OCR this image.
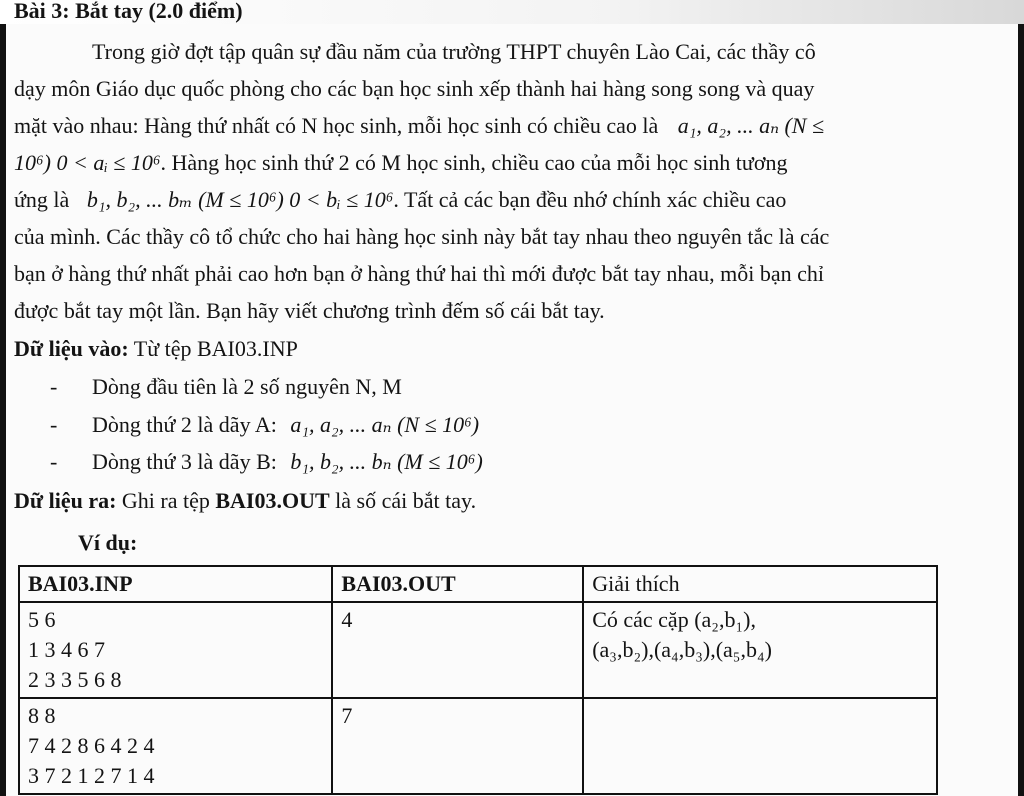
Bài 3: Bắt tay (2.0 điểm)
Trong giờ đợt tập quân sự đầu năm của trường THPT chuyên Lào Cai, các thầy cô
dạy môn Giáo dục quốc phòng cho các bạn học sinh xếp thành hai hàng song song và quay
mặt vào nhau: Hàng thứ nhất có N học sinh, mỗi học sinh có chiều cao là a₁, a₂, ... aₙ (N ≤
10⁶) 0 < aᵢ ≤ 10⁶. Hàng học sinh thứ 2 có M học sinh, chiều cao của mỗi học sinh tương
ứng là b₁, b₂, ... bₘ (M ≤ 10⁶) 0 < bᵢ ≤ 10⁶. Tất cả các bạn đều nhớ chính xác chiều cao
của mình. Các thầy cô tổ chức cho hai hàng học sinh này bắt tay nhau theo nguyên tắc là các
bạn ở hàng thứ nhất phải cao hơn bạn ở hàng thứ hai thì mới được bắt tay nhau, mỗi bạn chỉ
được bắt tay một lần. Bạn hãy viết chương trình đếm số cái bắt tay.
Dữ liệu vào: Từ tệp BAI03.INP
- Dòng đầu tiên là 2 số nguyên N, M
- Dòng thứ 2 là dãy A: a₁, a₂, ... aₙ (N ≤ 10⁶)
- Dòng thứ 3 là dãy B: b₁, b₂, ... bₙ (M ≤ 10⁶)
Dữ liệu ra: Ghi ra tệp BAI03.OUT là số cái bắt tay.
Ví dụ:
BAI03.INP	BAI03.OUT	Giải thích

5 6
1 3 4 6 7
2 3 3 5 6 8	4	Có các cặp (a₂,b₁),
(a₃,b₂),(a₄,b₃),(a₅,b₄)

8 8
7 4 2 8 6 4 2 4
3 7 2 1 2 7 1 4	7	
